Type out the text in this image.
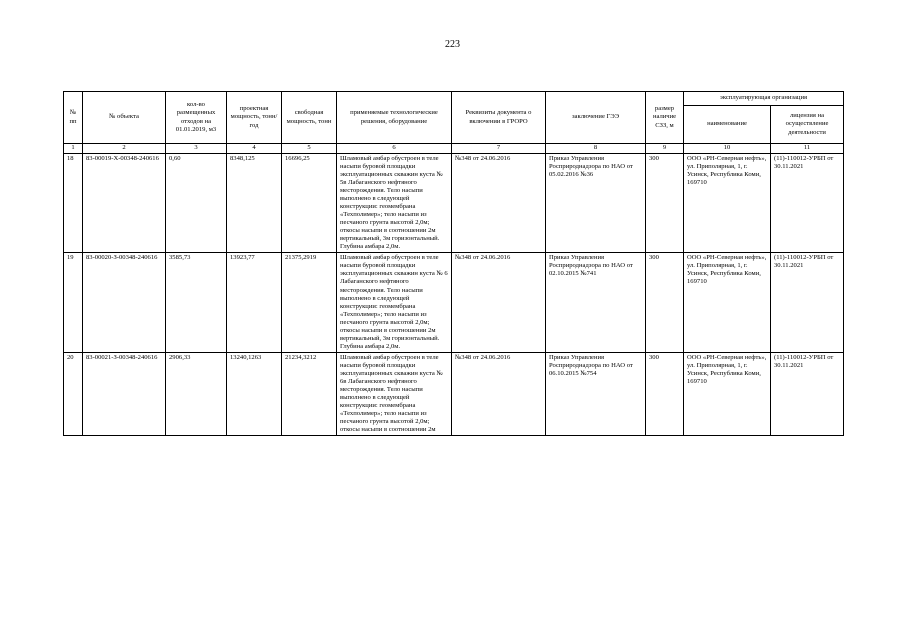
223
№ пп	№ объекта	кол-во размещенных отходов на 01.01.2019, м3	проектная мощность, тонн/год	свободная мощность, тонн	применяемые технологические решения, оборудование	Реквизиты документа о включении в ГРОРО	заключение ГЭЭ	размер наличие СЗЗ, м	эксплуатирующая организация	
									наименование	лицензия на осуществление деятельности
1	2	3	4	5	6	7	8	9	10	11
18	83-00019-Х-00348-240616	0,60	8348,125	16696,25	Шламовый амбар обустроен в теле насыпи буровой площадки эксплуатационных скважин куста № 5в Лабаганского нефтяного месторождения. Тело насыпи выполнено в следующей конструкции: геомембрана «Техполимер»; тело насыпи из песчаного грунта высотой 2,0м; откосы насыпи в соотношении 2м вертикальный, 3м горизонтальный. Глубина амбара 2,0м.	№348 от 24.06.2016	Приказ Управления Росприроднадзора по НАО от 05.02.2016 №36	300	ООО «РН-Северная нефть», ул. Приполярная, 1, г. Усинск, Республика Коми, 169710	(11)-110012-УРБП от 30.11.2021
19	83-00020-З-00348-240616	3585,73	13923,77	21375,2919	Шламовый амбар обустроен в теле насыпи буровой площадки эксплуатационных скважин куста № 6 Лабаганского нефтяного месторождения. Тело насыпи выполнено в следующей конструкции: геомембрана «Техполимер»; тело насыпи из песчаного грунта высотой 2,0м; откосы насыпи в соотношении 2м вертикальный, 3м горизонтальный. Глубина амбара 2,0м.	№348 от 24.06.2016	Приказ Управления Росприроднадзора по НАО от 02.10.2015 №741	300	ООО «РН-Северная нефть», ул. Приполярная, 1, г. Усинск, Республика Коми, 169710	(11)-110012-УРБП от 30.11.2021
20	83-00021-З-00348-240616	2906,33	13240,1263	21234,3212	Шламовый амбар обустроен в теле насыпи буровой площадки эксплуатационных скважин куста № 6в Лабаганского нефтяного месторождения. Тело насыпи выполнено в следующей конструкции: геомембрана «Техполимер»; тело насыпи из песчаного грунта высотой 2,0м; откосы насыпи в соотношении 2м	№348 от 24.06.2016	Приказ Управления Росприроднадзора по НАО от 06.10.2015 №754	300	ООО «РН-Северная нефть», ул. Приполярная, 1, г. Усинск, Республика Коми, 169710	(11)-110012-УРБП от 30.11.2021
